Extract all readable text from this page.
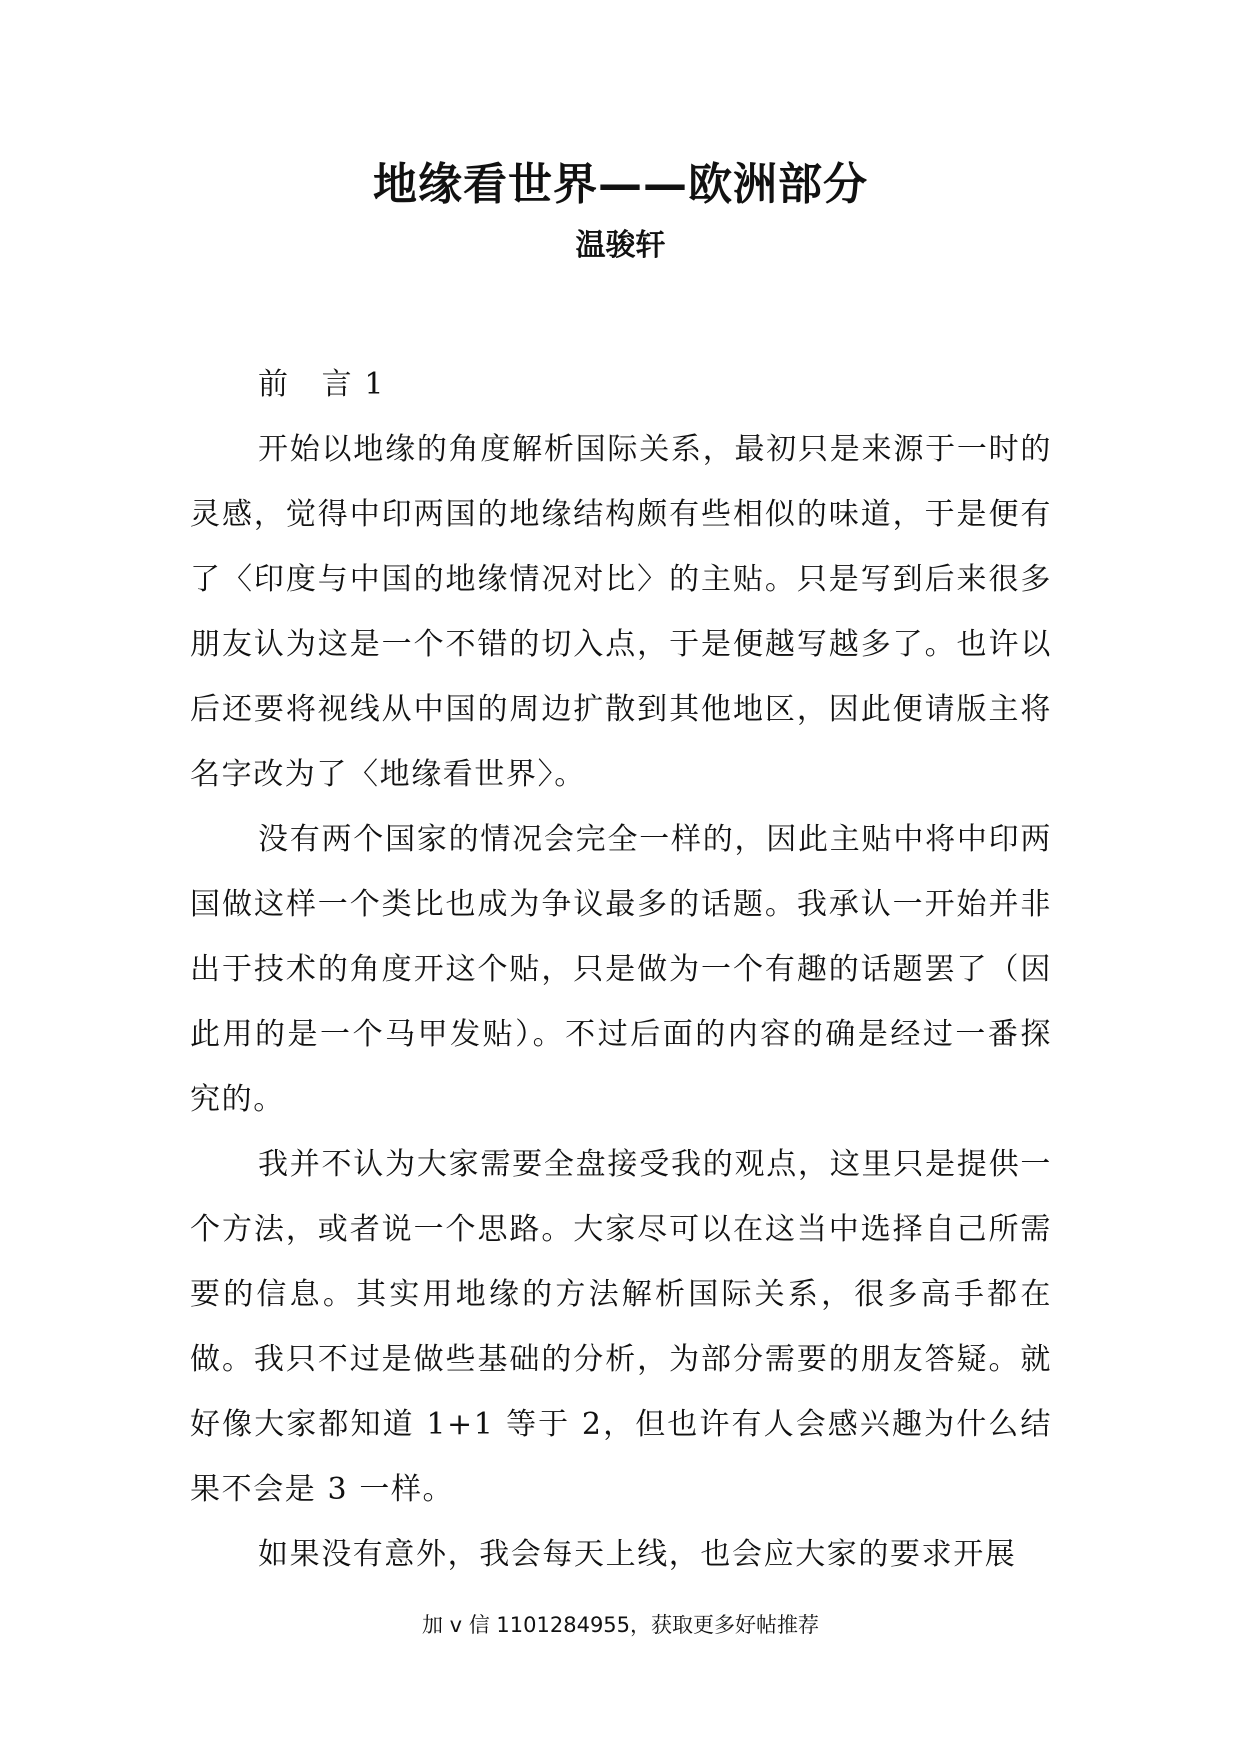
地缘看世界——欧洲部分
温骏轩
前 言 1

开始以地缘的角度解析国际关系，最初只是来源于一时的灵感，觉得中印两国的地缘结构颇有些相似的味道，于是便有了〈印度与中国的地缘情况对比〉的主贴。只是写到后来很多朋友认为这是一个不错的切入点，于是便越写越多了。也许以后还要将视线从中国的周边扩散到其他地区，因此便请版主将名字改为了〈地缘看世界〉。

没有两个国家的情况会完全一样的，因此主贴中将中印两国做这样一个类比也成为争议最多的话题。我承认一开始并非出于技术的角度开这个贴，只是做为一个有趣的话题罢了（因此用的是一个马甲发贴）。不过后面的内容的确是经过一番探究的。

我并不认为大家需要全盘接受我的观点，这里只是提供一个方法，或者说一个思路。大家尽可以在这当中选择自己所需要的信息。其实用地缘的方法解析国际关系，很多高手都在做。我只不过是做些基础的分析，为部分需要的朋友答疑。就好像大家都知道 1+1 等于 2，但也许有人会感兴趣为什么结果不会是 3 一样。

如果没有意外，我会每天上线，也会应大家的要求开展

加 v 信 1101284955，获取更多好帖推荐
